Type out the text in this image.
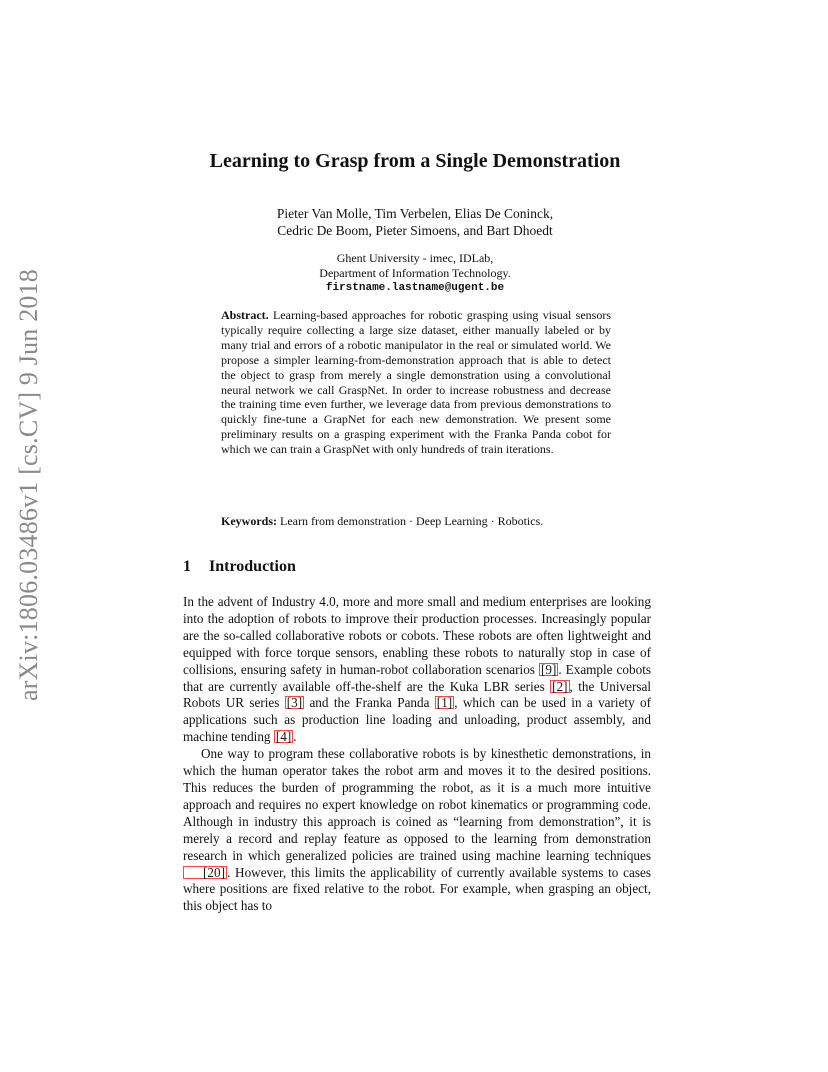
arXiv:1806.03486v1 [cs.CV] 9 Jun 2018
Learning to Grasp from a Single Demonstration
Pieter Van Molle, Tim Verbelen, Elias De Coninck,
Cedric De Boom, Pieter Simoens, and Bart Dhoedt
Ghent University - imec, IDLab,
Department of Information Technology.
firstname.lastname@ugent.be
Abstract. Learning-based approaches for robotic grasping using visual sensors typically require collecting a large size dataset, either manually labeled or by many trial and errors of a robotic manipulator in the real or simulated world. We propose a simpler learning-from-demonstration approach that is able to detect the object to grasp from merely a single demonstration using a convolutional neural network we call GraspNet. In order to increase robustness and decrease the training time even further, we leverage data from previous demonstrations to quickly fine-tune a GrapNet for each new demonstration. We present some preliminary results on a grasping experiment with the Franka Panda cobot for which we can train a GraspNet with only hundreds of train iterations.
Keywords: Learn from demonstration · Deep Learning · Robotics.
1 Introduction

In the advent of Industry 4.0, more and more small and medium enterprises are looking into the adoption of robots to improve their production processes. Increasingly popular are the so-called collaborative robots or cobots. These robots are often lightweight and equipped with force torque sensors, enabling these robots to naturally stop in case of collisions, ensuring safety in human-robot collaboration scenarios [9] . Example cobots that are currently available off-the-shelf are the Kuka LBR series [2] , the Universal Robots UR series [3] and the Franka Panda [1] , which can be used in a variety of applications such as production line loading and unloading, product assembly, and machine tending [4] .

One way to program these collaborative robots is by kinesthetic demonstrations, in which the human operator takes the robot arm and moves it to the desired positions. This reduces the burden of programming the robot, as it is a much more intuitive approach and requires no expert knowledge on robot kinematics or programming code. Although in industry this approach is coined as “learning from demonstration”, it is merely a record and replay feature as opposed to the learning from demonstration research in which generalized policies are trained using machine learning techniques [20] . However, this limits the applicability of currently available systems to cases where positions are fixed relative to the robot. For example, when grasping an object, this object has to
